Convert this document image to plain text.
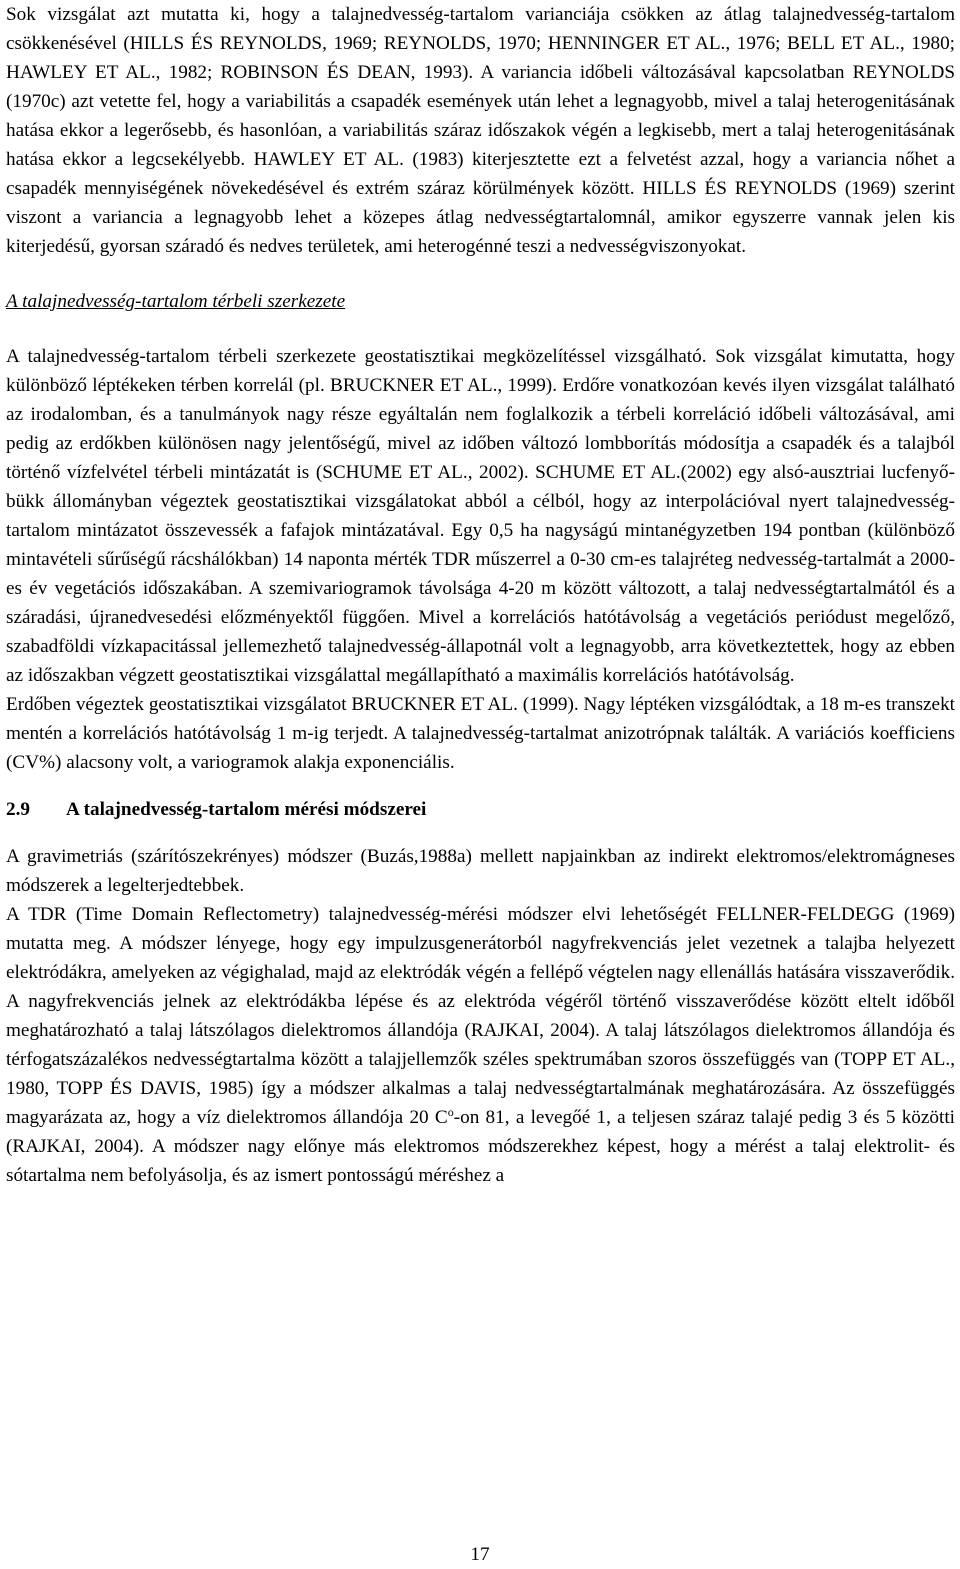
Sok vizsgálat azt mutatta ki, hogy a talajnedvesség-tartalom varianciája csökken az átlag talajnedvesség-tartalom csökkenésével (HILLS ÉS REYNOLDS, 1969; REYNOLDS, 1970; HENNINGER ET AL., 1976; BELL ET AL., 1980; HAWLEY ET AL., 1982; ROBINSON ÉS DEAN, 1993). A variancia időbeli változásával kapcsolatban REYNOLDS (1970c) azt vetette fel, hogy a variabilitás a csapadék események után lehet a legnagyobb, mivel a talaj heterogenitásának hatása ekkor a legerősebb, és hasonlóan, a variabilitás száraz időszakok végén a legkisebb, mert a talaj heterogenitásának hatása ekkor a legcsekélyebb. HAWLEY ET AL. (1983) kiterjesztette ezt a felvetést azzal, hogy a variancia nőhet a csapadék mennyiségének növekedésével és extrém száraz körülmények között. HILLS ÉS REYNOLDS (1969) szerint viszont a variancia a legnagyobb lehet a közepes átlag nedvességtartalomnál, amikor egyszerre vannak jelen kis kiterjedésű, gyorsan száradó és nedves területek, ami heterogénné teszi a nedvességviszonyokat.

A talajnedvesség-tartalom térbeli szerkezete

A talajnedvesség-tartalom térbeli szerkezete geostatisztikai megközelítéssel vizsgálható. Sok vizsgálat kimutatta, hogy különböző léptékeken térben korrelál (pl. BRUCKNER ET AL., 1999). Erdőre vonatkozóan kevés ilyen vizsgálat található az irodalomban, és a tanulmányok nagy része egyáltalán nem foglalkozik a térbeli korreláció időbeli változásával, ami pedig az erdőkben különösen nagy jelentőségű, mivel az időben változó lombborítás módosítja a csapadék és a talajból történő vízfelvétel térbeli mintázatát is (SCHUME ET AL., 2002). SCHUME ET AL.(2002) egy alsó-ausztriai lucfenyő-bükk állományban végeztek geostatisztikai vizsgálatokat abból a célból, hogy az interpolációval nyert talajnedvesség-tartalom mintázatot összevessék a fafajok mintázatával. Egy 0,5 ha nagyságú mintanégyzetben 194 pontban (különböző mintavételi sűrűségű rácshálókban) 14 naponta mérték TDR műszerrel a 0-30 cm-es talajréteg nedvesség-tartalmát a 2000-es év vegetációs időszakában. A szemivariogramok távolsága 4-20 m között változott, a talaj nedvességtartalmától és a száradási, újranedvesedési előzményektől függően. Mivel a korrelációs hatótávolság a vegetációs periódust megelőző, szabadföldi vízkapacitással jellemezhető talajnedvesség-állapotnál volt a legnagyobb, arra következtettek, hogy az ebben az időszakban végzett geostatisztikai vizsgálattal megállapítható a maximális korrelációs hatótávolság.

Erdőben végeztek geostatisztikai vizsgálatot BRUCKNER ET AL. (1999). Nagy léptéken vizsgálódtak, a 18 m-es transzekt mentén a korrelációs hatótávolság 1 m-ig terjedt. A talajnedvesség-tartalmat anizotrópnak találták. A variációs koefficiens (CV%) alacsony volt, a variogramok alakja exponenciális.

2.9 A talajnedvesség-tartalom mérési módszerei

A gravimetriás (szárítószekrényes) módszer (Buzás,1988a) mellett napjainkban az indirekt elektromos/elektromágneses módszerek a legelterjedtebbek.

A TDR (Time Domain Reflectometry) talajnedvesség-mérési módszer elvi lehetőségét FELLNER-FELDEGG (1969) mutatta meg. A módszer lényege, hogy egy impulzusgenerátorból nagyfrekvenciás jelet vezetnek a talajba helyezett elektródákra, amelyeken az végighalad, majd az elektródák végén a fellépő végtelen nagy ellenállás hatására visszaverődik. A nagyfrekvenciás jelnek az elektródákba lépése és az elektróda végéről történő visszaverődése között eltelt időből meghatározható a talaj látszólagos dielektromos állandója (RAJKAI, 2004). A talaj látszólagos dielektromos állandója és térfogatszázalékos nedvességtartalma között a talajjellemzők széles spektrumában szoros összefüggés van (TOPP ET AL., 1980, TOPP ÉS DAVIS, 1985) így a módszer alkalmas a talaj nedvességtartalmának meghatározására. Az összefüggés magyarázata az, hogy a víz dielektromos állandója 20 $C^o-on$ 81, a levegőé 1, a teljesen száraz talajé pedig 3 és 5 közötti (RAJKAI, 2004). A módszer nagy előnye más elektromos módszerekhez képest, hogy a mérést a talaj elektrolit- és sótartalma nem befolyásolja, és az ismert pontosságú méréshez a

17
